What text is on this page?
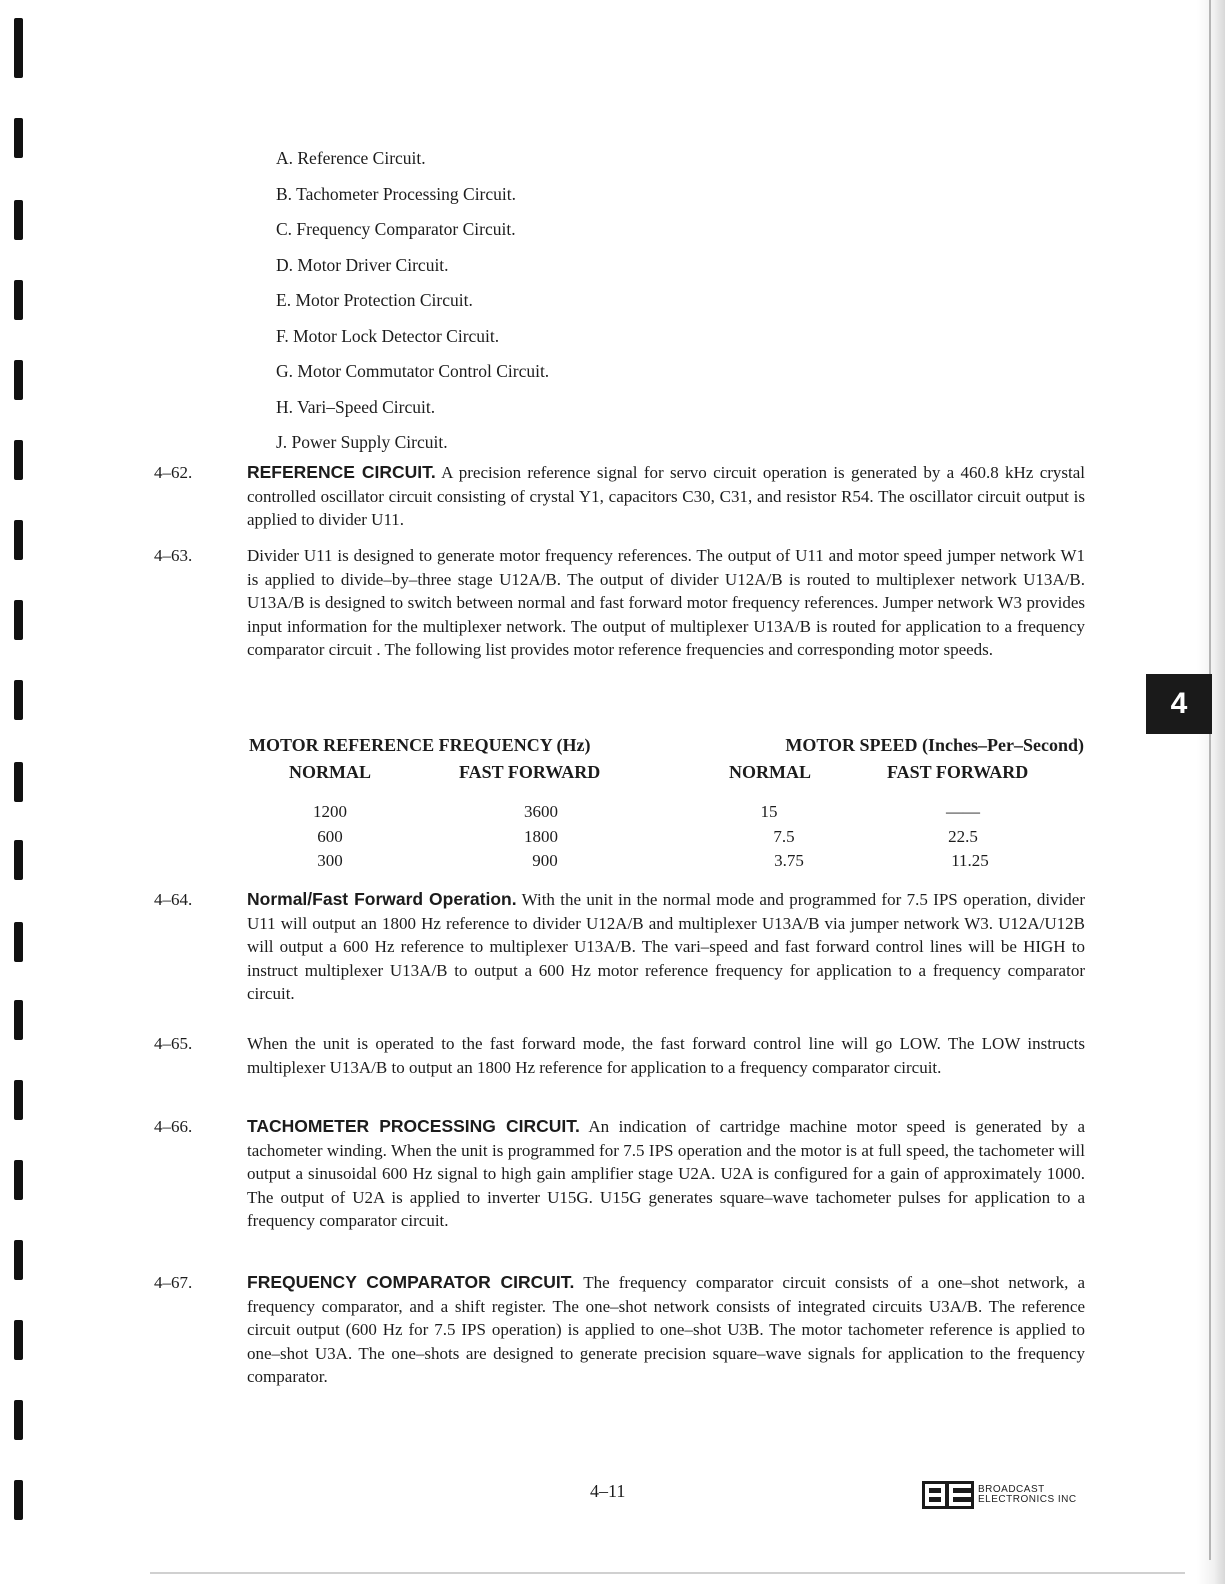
A. Reference Circuit.
B. Tachometer Processing Circuit.
C. Frequency Comparator Circuit.
D. Motor Driver Circuit.
E. Motor Protection Circuit.
F. Motor Lock Detector Circuit.
G. Motor Commutator Control Circuit.
H. Vari–Speed Circuit.
J. Power Supply Circuit.
4–62.	REFERENCE CIRCUIT. A precision reference signal for servo circuit operation is generated by a 460.8 kHz crystal controlled oscillator circuit consisting of crystal Y1, capacitors C30, C31, and resistor R54. The oscillator circuit output is applied to divider U11.
4–63.	Divider U11 is designed to generate motor frequency references. The output of U11 and motor speed jumper network W1 is applied to divide–by–three stage U12A/B. The output of divider U12A/B is routed to multiplexer network U13A/B. U13A/B is designed to switch between normal and fast forward motor frequency references. Jumper network W3 provides input information for the multiplexer network. The output of multiplexer U13A/B is routed for application to a frequency comparator circuit . The following list provides motor reference frequencies and corresponding motor speeds.
MOTOR REFERENCE FREQUENCY (Hz)	MOTOR SPEED (Inches–Per–Second)
NORMAL	FAST FORWARD	NORMAL	FAST FORWARD
1200	3600	15	——
600	1800	7.5	22.5
300	900	3.75	11.25
4–64.	Normal/Fast Forward Operation. With the unit in the normal mode and programmed for 7.5 IPS operation, divider U11 will output an 1800 Hz reference to divider U12A/B and multiplexer U13A/B via jumper network W3. U12A/U12B will output a 600 Hz reference to multiplexer U13A/B. The vari–speed and fast forward control lines will be HIGH to instruct multiplexer U13A/B to output a 600 Hz motor reference frequency for application to a frequency comparator circuit.
4–65.	When the unit is operated to the fast forward mode, the fast forward control line will go LOW. The LOW instructs multiplexer U13A/B to output an 1800 Hz reference for application to a frequency comparator circuit.
4–66.	TACHOMETER PROCESSING CIRCUIT. An indication of cartridge machine motor speed is generated by a tachometer winding. When the unit is programmed for 7.5 IPS operation and the motor is at full speed, the tachometer will output a sinusoidal 600 Hz signal to high gain amplifier stage U2A. U2A is configured for a gain of approximately 1000. The output of U2A is applied to inverter U15G. U15G generates square–wave tachometer pulses for application to a frequency comparator circuit.
4–67.	FREQUENCY COMPARATOR CIRCUIT. The frequency comparator circuit consists of a one–shot network, a frequency comparator, and a shift register. The one–shot network consists of integrated circuits U3A/B. The reference circuit output (600 Hz for 7.5 IPS operation) is applied to one–shot U3B. The motor tachometer reference is applied to one–shot U3A. The one–shots are designed to generate precision square–wave signals for application to the frequency comparator.
4
4–11	BROADCAST
ELECTRONICS INC
